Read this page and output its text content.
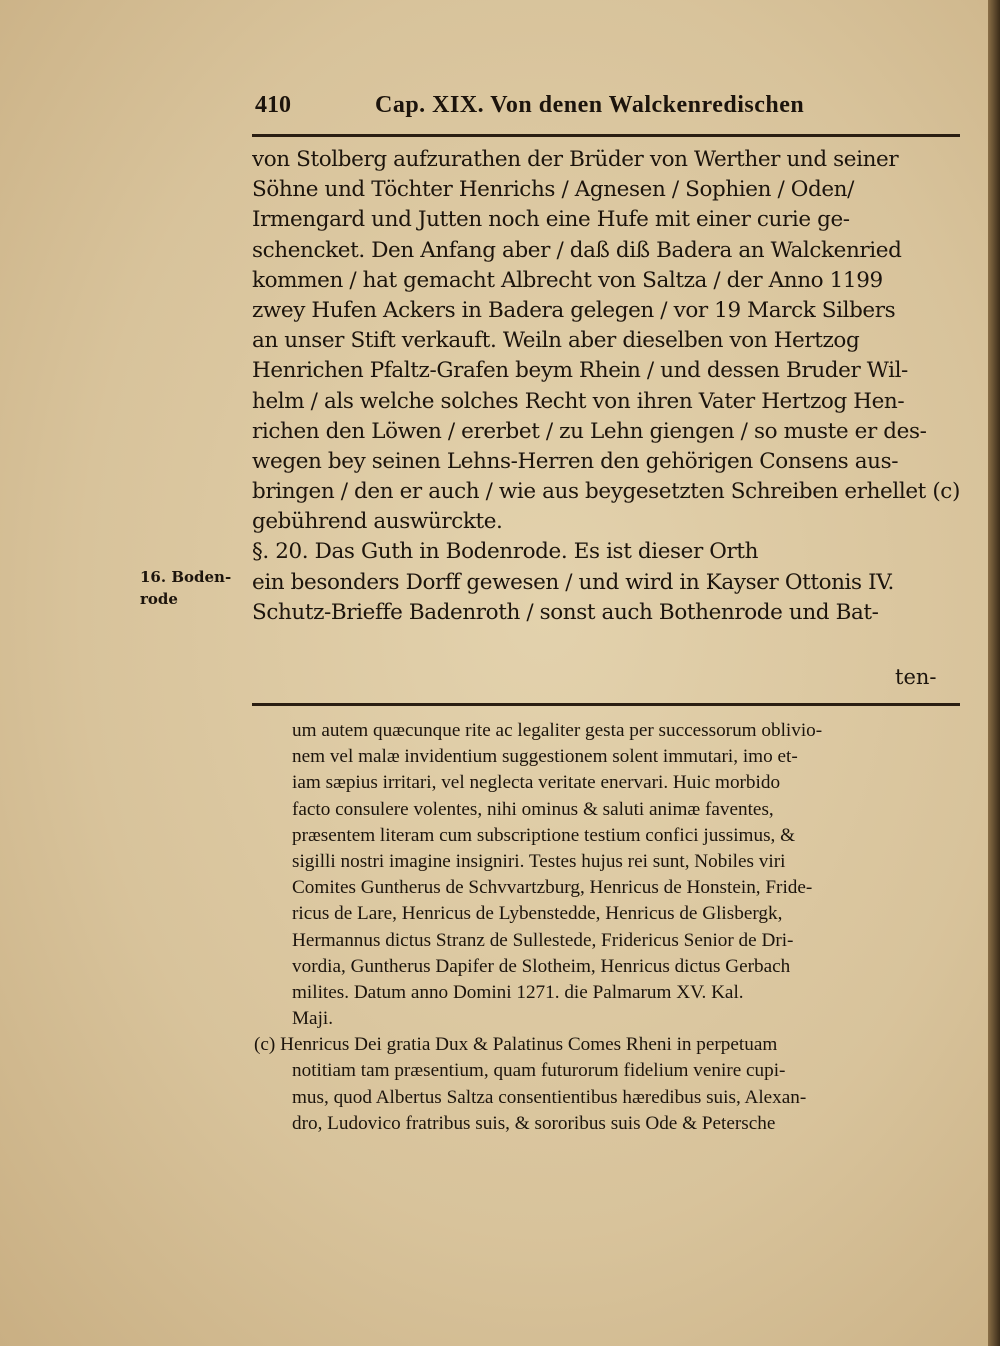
410	Cap. XIX. Von denen Walckenredischen
16. Boden-
rode
von Stolberg aufzurathen der Brüder von Werther und seiner
Söhne und Töchter Henrichs / Agnesen / Sophien / Oden/
Irmengard und Jutten noch eine Hufe mit einer curie ge-
schencket. Den Anfang aber / daß diß Badera an Walckenried
kommen / hat gemacht Albrecht von Saltza / der Anno 1199
zwey Hufen Ackers in Badera gelegen / vor 19 Marck Silbers
an unser Stift verkauft. Weiln aber dieselben von Hertzog
Henrichen Pfaltz-Grafen beym Rhein / und dessen Bruder Wil-
helm / als welche solches Recht von ihren Vater Hertzog Hen-
richen den Löwen / ererbet / zu Lehn giengen / so muste er des-
wegen bey seinen Lehns-Herren den gehörigen Consens aus-
bringen / den er auch / wie aus beygesetzten Schreiben erhellet (c)
gebührend auswürckte.
§. 20. Das Guth in Bodenrode. Es ist dieser Orth
ein besonders Dorff gewesen / und wird in Kayser Ottonis IV.
Schutz-Brieffe Badenroth / sonst auch Bothenrode und Bat-
ten-
um autem quæcunque rite ac legaliter gesta per successorum oblivio-
nem vel malæ invidentium suggestionem solent immutari, imo et-
iam sæpius irritari, vel neglecta veritate enervari. Huic morbido
facto consulere volentes, nihi ominus & saluti animæ faventes,
præsentem literam cum subscriptione testium confici jussimus, &
sigilli nostri imagine insigniri. Testes hujus rei sunt, Nobiles viri
Comites Guntherus de Schvvartzburg, Henricus de Honstein, Fride-
ricus de Lare, Henricus de Lybenstedde, Henricus de Glisbergk,
Hermannus dictus Stranz de Sullestede, Fridericus Senior de Dri-
vordia, Guntherus Dapifer de Slotheim, Henricus dictus Gerbach
milites. Datum anno Domini 1271. die Palmarum XV. Kal.
Maji.
(c) Henricus Dei gratia Dux & Palatinus Comes Rheni in perpetuam
notitiam tam præsentium, quam futurorum fidelium venire cupi-
mus, quod Albertus Saltza consentientibus hæredibus suis, Alexan-
dro, Ludovico fratribus suis, & sororibus suis Ode & Petersche
